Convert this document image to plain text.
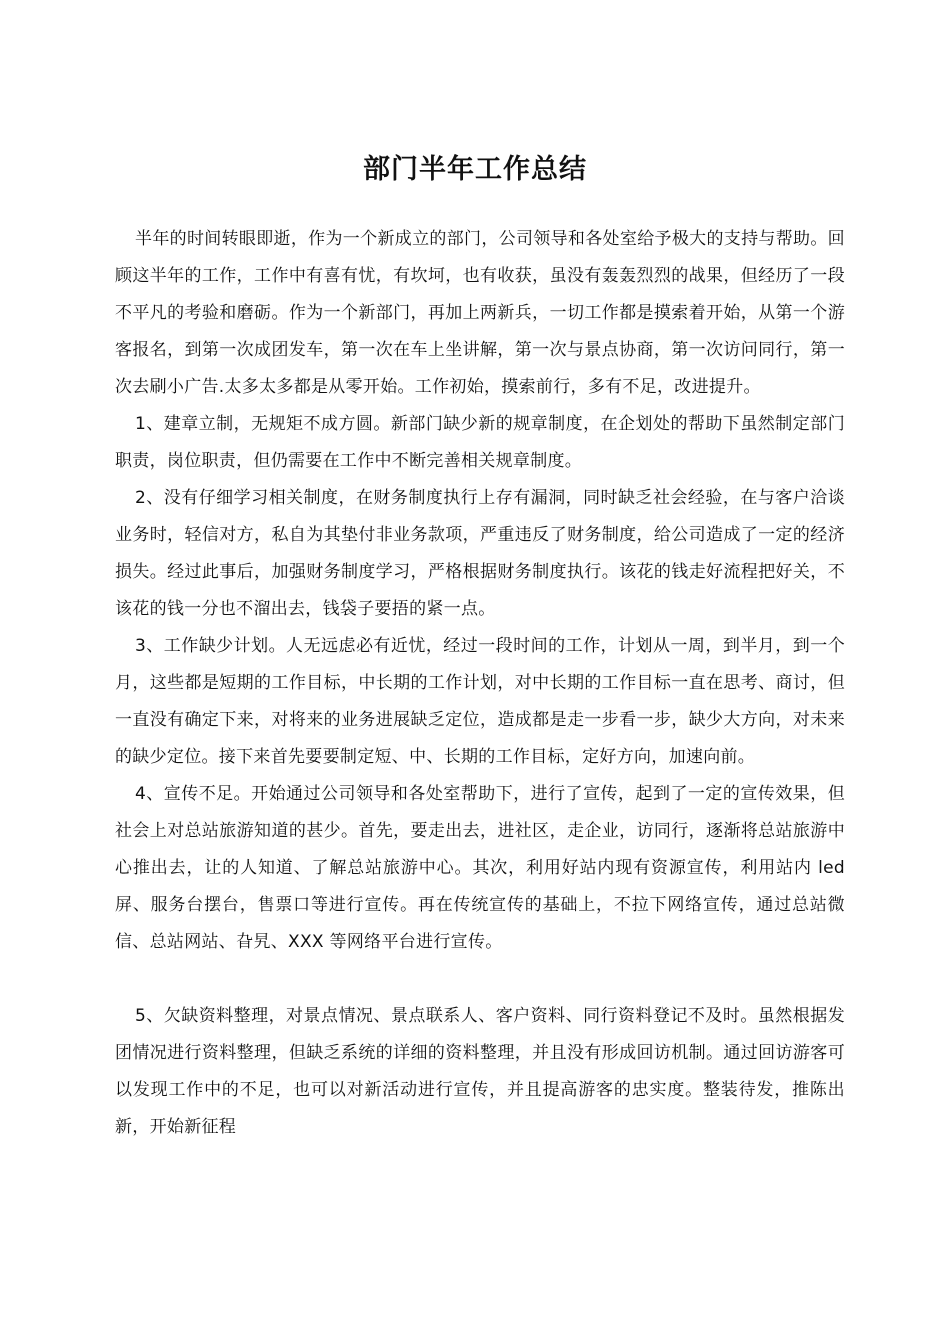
部门半年工作总结

半年的时间转眼即逝，作为一个新成立的部门，公司领导和各处室给予极大的支持与帮助。回顾这半年的工作，工作中有喜有忧，有坎坷，也有收获，虽没有轰轰烈烈的战果，但经历了一段不平凡的考验和磨砺。作为一个新部门，再加上两新兵，一切工作都是摸索着开始，从第一个游客报名，到第一次成团发车，第一次在车上坐讲解，第一次与景点协商，第一次访问同行，第一次去刷小广告.太多太多都是从零开始。工作初始，摸索前行，多有不足，改进提升。

1、建章立制，无规矩不成方圆。新部门缺少新的规章制度，在企划处的帮助下虽然制定部门职责，岗位职责，但仍需要在工作中不断完善相关规章制度。

2、没有仔细学习相关制度，在财务制度执行上存有漏洞，同时缺乏社会经验，在与客户洽谈业务时，轻信对方，私自为其垫付非业务款项，严重违反了财务制度，给公司造成了一定的经济损失。经过此事后，加强财务制度学习，严格根据财务制度执行。该花的钱走好流程把好关，不该花的钱一分也不溜出去，钱袋子要捂的紧一点。

3、工作缺少计划。人无远虑必有近忧，经过一段时间的工作，计划从一周，到半月，到一个月，这些都是短期的工作目标，中长期的工作计划，对中长期的工作目标一直在思考、商讨，但一直没有确定下来，对将来的业务进展缺乏定位，造成都是走一步看一步，缺少大方向，对未来的缺少定位。接下来首先要要制定短、中、长期的工作目标，定好方向，加速向前。

4、宣传不足。开始通过公司领导和各处室帮助下，进行了宣传，起到了一定的宣传效果，但社会上对总站旅游知道的甚少。首先，要走出去，进社区，走企业，访同行，逐渐将总站旅游中心推出去，让的人知道、了解总站旅游中心。其次，利用好站内现有资源宣传，利用站内 led 屏、服务台摆台，售票口等进行宣传。再在传统宣传的基础上，不拉下网络宣传，通过总站微信、总站网站、旮旯、XXX 等网络平台进行宣传。

5、欠缺资料整理，对景点情况、景点联系人、客户资料、同行资料登记不及时。虽然根据发团情况进行资料整理，但缺乏系统的详细的资料整理，并且没有形成回访机制。通过回访游客可以发现工作中的不足，也可以对新活动进行宣传，并且提高游客的忠实度。整装待发，推陈出新，开始新征程
